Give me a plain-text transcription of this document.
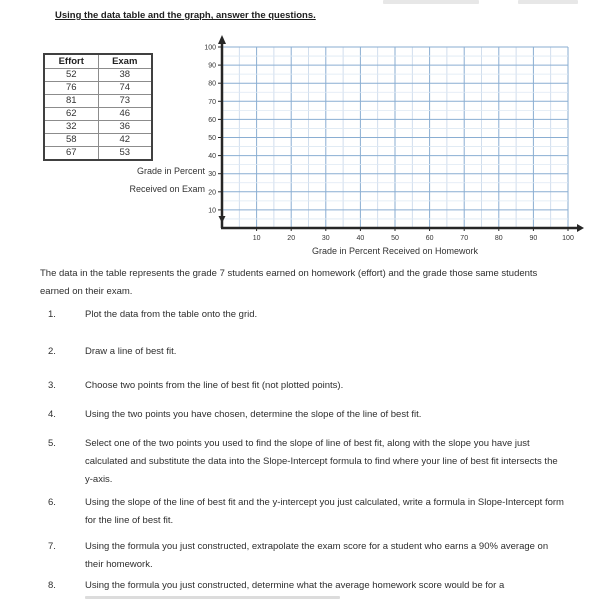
Using the data table and the graph, answer the questions.
Effort	Exam
52	38
76	74
81	73
62	46
32	36
58	42
67	53
10	20	30	40	50	60	70	80	90	100
100
90
80
70
60
50
40
30
20
10
Grade in Percent
Received on Exam
Grade in Percent Received on Homework
The data in the table represents the grade 7 students earned on homework (effort) and the grade those same students earned on their exam.
1.	Plot the data from the table onto the grid.
2.	Draw a line of best fit.
3.	Choose two points from the line of best fit (not plotted points).
4.	Using the two points you have chosen, determine the slope of the line of best fit.
5.	Select one of the two points you used to find the slope of line of best fit, along with the slope you have just calculated and substitute the data into the Slope-Intercept formula to find where your line of best fit intersects the y-axis.
6.	Using the slope of the line of best fit and the y-intercept you just calculated, write a formula in Slope-Intercept form for the line of best fit.
7.	Using the formula you just constructed, extrapolate the exam score for a student who earns a 90% average on their homework.
8.	Using the formula you just constructed, determine what the average homework score would be for a
